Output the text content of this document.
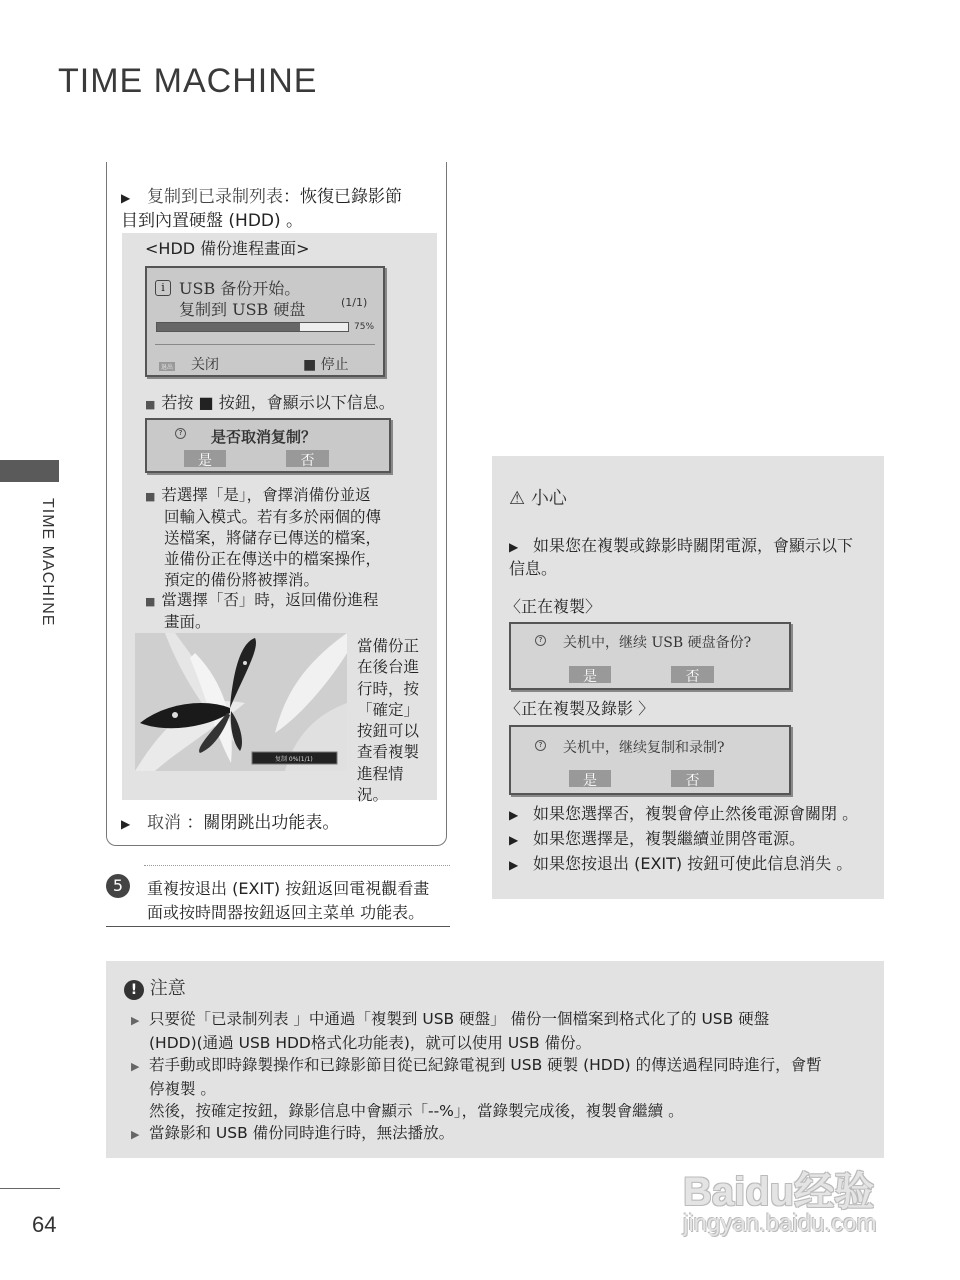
TIME MACHINE
TIME MACHINE
▶ 复制到已录制列表：恢復已錄影節
目到內置硬盤 (HDD) 。
<HDD 備份進程畫面>
i USB 备份开始。
复制到 USB 硬盘	(1/1)
75%
退出 关闭	■ 停止
■ 若按 ■ 按鈕，會顯示以下信息。
? 是否取消复制？
是	否
■ 若選擇「是」，會擇消備份並返
回輸入模式。若有多於兩個的傳
送檔案，將儲存已傳送的檔案，
並備份正在傳送中的檔案操作，
預定的備份將被擇消。
■ 當選擇「否」時，返回備份進程
畫面。
复制 0%(1/1)
當備份正
在後台進
行時，按
「確定」
按鈕可以
查看複製
進程情
況。
▶ 取消 ：關閉跳出功能表。
5	重複按退出 (EXIT) 按鈕返回電視觀看畫
面或按時間器按鈕返回主菜单 功能表。
⚠ 小心
▶ 如果您在複製或錄影時關閉電源，會顯示以下
信息。
〈正在複製〉
? 关机中，继续 USB 硬盘备份?
是	否
〈正在複製及錄影 〉
? 关机中，继续复制和录制?
是	否
▶ 如果您選擇否，複製會停止然後電源會關閉 。
▶ 如果您選擇是，複製繼續並開啓電源。
▶ 如果您按退出 (EXIT) 按鈕可使此信息消失 。
! 注意
▶ 只要從「已录制列表 」中通過「複製到 USB 硬盤」 備份一個檔案到格式化了的 USB 硬盤
(HDD)(通過 USB HDD格式化功能表)，就可以使用 USB 備份。
▶ 若手動或即時錄製操作和已錄影節目從已紀錄電視到 USB 硬製 (HDD) 的傳送過程同時進行，會暫
停複製 。
然後，按確定按鈕，錄影信息中會顯示「--%」，當錄製完成後，複製會繼續 。
▶ 當錄影和 USB 備份同時進行時，無法播放。
64
Baidu经验
jingyan.baidu.com
